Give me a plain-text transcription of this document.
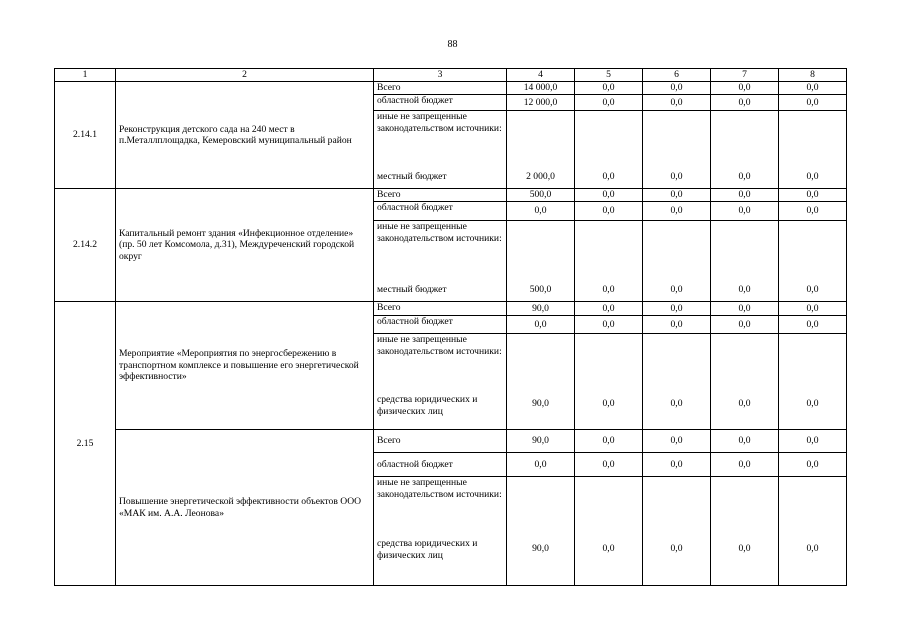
88
1	2	3	4	5	6	7	8
2.14.1	Реконструкция детского сада на 240 мест в п.Металлплощадка, Кемеровский муниципальный район	Всего	14 000,0	0,0	0,0	0,0	0,0
		областной бюджет	12 000,0	0,0	0,0	0,0	0,0
		иные не запрещенные законодательством источники:					
		местный бюджет	2 000,0	0,0	0,0	0,0	0,0
2.14.2	Капитальный ремонт здания «Инфекционное отделение» (пр. 50 лет Комсомола, д.31), Междуреченский городской округ	Всего	500,0	0,0	0,0	0,0	0,0
		областной бюджет	0,0	0,0	0,0	0,0	0,0
		иные не запрещенные законодательством источники:					
		местный бюджет	500,0	0,0	0,0	0,0	0,0
2.15	Мероприятие «Мероприятия по энергосбережению в транспортном комплексе и повышение его энергетической эффективности»	Всего	90,0	0,0	0,0	0,0	0,0
		областной бюджет	0,0	0,0	0,0	0,0	0,0
		иные не запрещенные законодательством источники:					
		средства юридических и физических лиц	90,0	0,0	0,0	0,0	0,0
	Повышение энергетической эффективности объектов ООО «МАК им. А.А. Леонова»	Всего	90,0	0,0	0,0	0,0	0,0
		областной бюджет	0,0	0,0	0,0	0,0	0,0
		иные не запрещенные законодательством источники:					
		средства юридических и физических лиц	90,0	0,0	0,0	0,0	0,0
